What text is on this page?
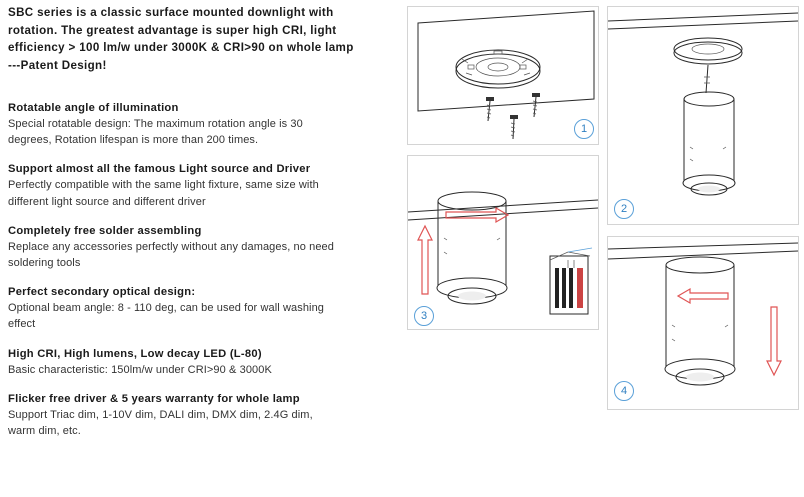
SBC series is a classic surface mounted downlight with
rotation. The greatest advantage is super high CRI, light
efficiency > 100 lm/w under 3000K & CRI>90 on whole lamp
---Patent Design!
Rotatable angle of illumination

Special rotatable design: The maximum rotation angle is 30
degrees, Rotation lifespan is more than 200 times.

Support almost all the famous Light source and Driver

Perfectly compatible with the same light fixture, same size with
different light source and different driver

Completely free solder assembling

Replace any accessories perfectly without any damages, no need
soldering tools

Perfect secondary optical design:

Optional beam angle: 8 - 110 deg, can be used for wall washing
effect

High CRI, High lumens, Low decay LED (L-80)

Basic characteristic: 150lm/w under CRI>90 & 3000K

Flicker free driver & 5 years warranty for whole lamp

Support Triac dim, 1-10V dim, DALI dim, DMX dim, 2.4G dim,
warm dim, etc.

1
2
3
4
